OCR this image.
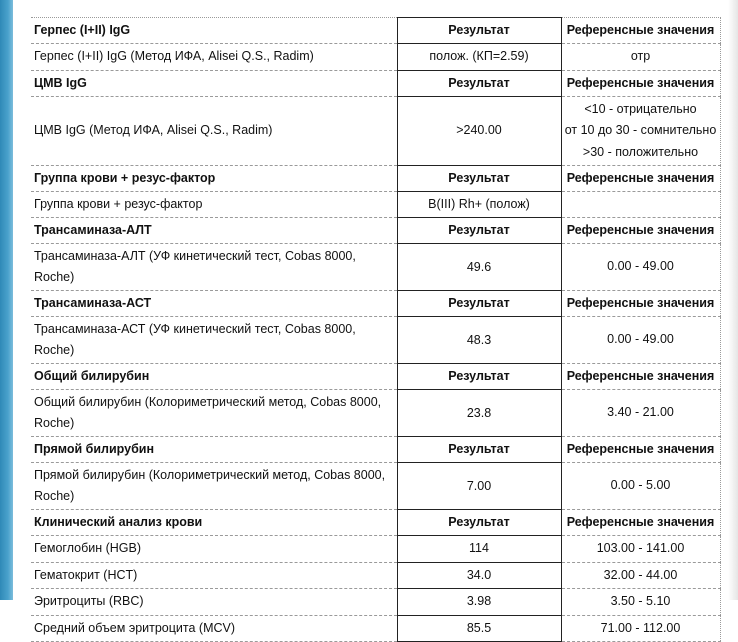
Герпес (I+II) IgG	Результат	Референсные значения
Герпес (I+II) IgG (Метод ИФА, Alisei Q.S., Radim)	полож. (КП=2.59)	отр

ЦМВ IgG	Результат	Референсные значения
ЦМВ IgG (Метод ИФА, Alisei Q.S., Radim)	>240.00	<10 - отрицательно
от 10 до 30 - сомнительно
>30 - положительно

Группа крови + резус-фактор	Результат	Референсные значения
Группа крови + резус-фактор	B(III) Rh+ (полож)	

Трансаминаза-АЛТ	Результат	Референсные значения
Трансаминаза-АЛТ (УФ кинетический тест, Cobas 8000, Roche)	49.6	0.00 - 49.00

Трансаминаза-АСТ	Результат	Референсные значения
Трансаминаза-АСТ (УФ кинетический тест, Cobas 8000, Roche)	48.3	0.00 - 49.00

Общий билирубин	Результат	Референсные значения
Общий билирубин (Колориметрический метод, Cobas 8000, Roche)	23.8	3.40 - 21.00

Прямой билирубин	Результат	Референсные значения
Прямой билирубин (Колориметрический метод, Cobas 8000, Roche)	7.00	0.00 - 5.00

Клинический анализ крови	Результат	Референсные значения
Гемоглобин (HGB)	114	103.00 - 141.00

Гематокрит (HCT)	34.0	32.00 - 44.00

Эритроциты (RBC)	3.98	3.50 - 5.10

Средний объем эритроцита (MCV)	85.5	71.00 - 112.00
